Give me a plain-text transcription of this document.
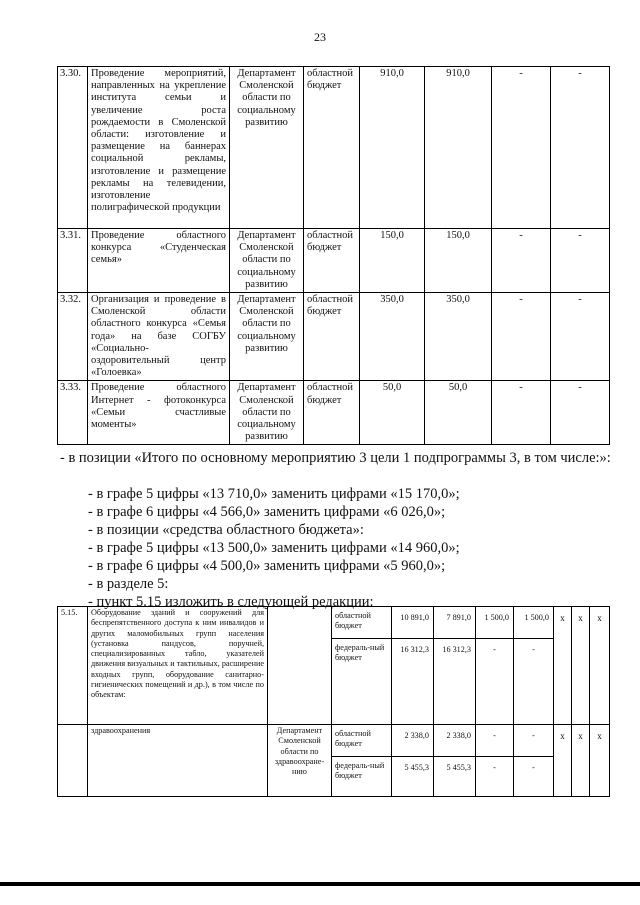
23
3.30.	Проведение мероприятий, направленных на укрепление института семьи и увеличение роста рождаемости в Смоленской области: изготовление и размещение на баннерах социальной рекламы, изготовление и размещение рекламы на телевидении, изготовление полиграфической продукции	Департамент Смоленской области по социальному развитию	областной бюджет	910,0	910,0	-	-
3.31.	Проведение областного конкурса «Студенческая семья»	Департамент Смоленской области по социальному развитию	областной бюджет	150,0	150,0	-	-
3.32.	Организация и проведение в Смоленской области областного конкурса «Семья года» на базе СОГБУ «Социально-оздоровительный центр «Голоевка»	Департамент Смоленской области по социальному развитию	областной бюджет	350,0	350,0	-	-
3.33.	Проведение областного Интернет - фотоконкурса «Семьи счастливые моменты»	Департамент Смоленской области по социальному развитию	областной бюджет	50,0	50,0	-	-
- в позиции «Итого по основному мероприятию 3 цели 1 подпрограммы 3, в том числе:»:
- в графе 5 цифры «13 710,0» заменить цифрами «15 170,0»;
- в графе 6 цифры «4 566,0» заменить цифрами «6 026,0»;
- в позиции «средства областного бюджета»:
- в графе 5 цифры «13 500,0» заменить цифрами «14 960,0»;
- в графе 6 цифры «4 500,0» заменить цифрами «5 960,0»;
- в разделе 5:
- пункт 5.15 изложить в следующей редакции:
5.15.	Оборудование зданий и сооружений для беспрепятственного доступа к ним инвалидов и других маломобильных групп населения (установка пандусов, поручней, специализированных табло, указателей движения визуальных и тактильных, расширение входных групп, оборудование санитарно-гигиенических помещений и др.), в том числе по объектам:		областной бюджет	10 891,0	7 891,0	1 500,0	1 500,0	x	x	x
			федераль-ный бюджет	16 312,3	16 312,3	-	-			
	здравоохранения	Департамент Смоленской области по здравоохране-нию	областной бюджет	2 338,0	2 338,0	-	-	x	x	x
			федераль-ный бюджет	5 455,3	5 455,3	-	-			
